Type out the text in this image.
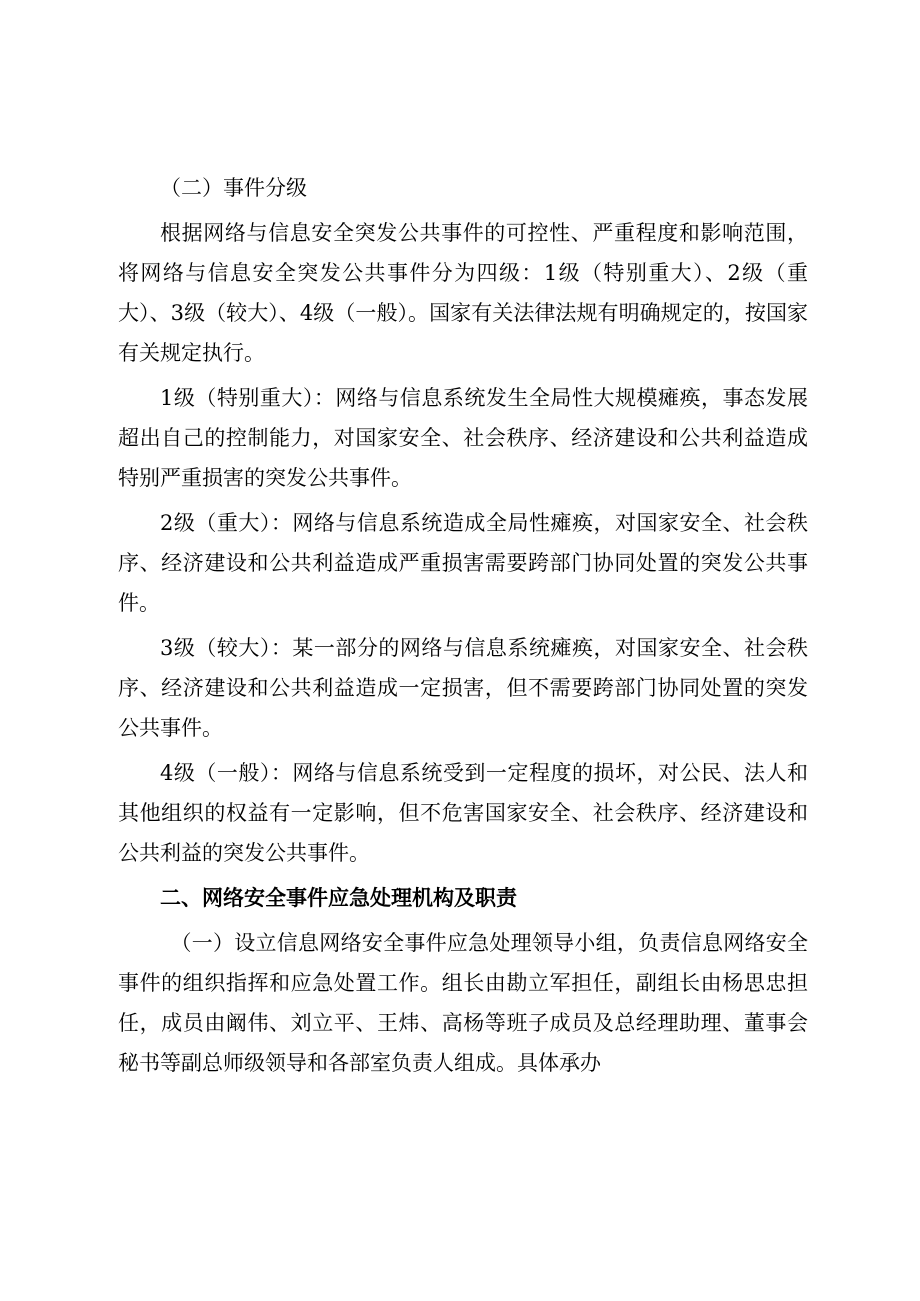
（二）事件分级

根据网络与信息安全突发公共事件的可控性、严重程度和影响范围，将网络与信息安全突发公共事件分为四级：1级（特别重大）、2级（重大）、3级（较大）、4级（一般）。国家有关法律法规有明确规定的，按国家有关规定执行。

1级（特别重大）：网络与信息系统发生全局性大规模瘫痪，事态发展超出自己的控制能力，对国家安全、社会秩序、经济建设和公共利益造成特别严重损害的突发公共事件。

2级（重大）：网络与信息系统造成全局性瘫痪，对国家安全、社会秩序、经济建设和公共利益造成严重损害需要跨部门协同处置的突发公共事件。

3级（较大）：某一部分的网络与信息系统瘫痪，对国家安全、社会秩序、经济建设和公共利益造成一定损害，但不需要跨部门协同处置的突发公共事件。

4级（一般）：网络与信息系统受到一定程度的损坏，对公民、法人和其他组织的权益有一定影响，但不危害国家安全、社会秩序、经济建设和公共利益的突发公共事件。

二、网络安全事件应急处理机构及职责

（一）设立信息网络安全事件应急处理领导小组，负责信息网络安全事件的组织指挥和应急处置工作。组长由勘立军担任，副组长由杨思忠担任，成员由阚伟、刘立平、王炜、高杨等班子成员及总经理助理、董事会秘书等副总师级领导和各部室负责人组成。具体承办
